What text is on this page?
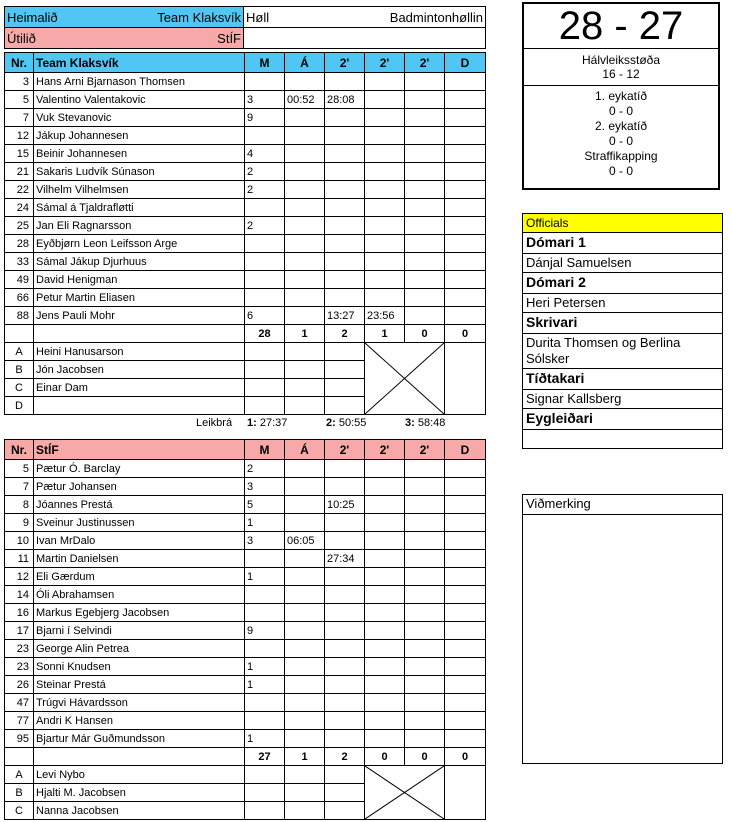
Heimalið Team Klaksvík	Høll Badmintonhøllin

Útilið StÍF	

Nr.	Team Klaksvík	M	Á	2'	2'	2'	D
3	Hans Arni Bjarnason Thomsen						
5	Valentino Valentakovic	3	00:52	28:08			
7	Vuk Stevanovic	9					
12	Jákup Johannesen						
15	Beinir Johannesen	4					
21	Sakaris Ludvík Súnason	2					
22	Vilhelm Vilhelmsen	2					
24	Sámal á Tjaldrafløtti						
25	Jan Eli Ragnarsson	2					
28	Eyðbjørn Leon Leifsson Arge						
33	Sámal Jákup Djurhuus						
49	David Henigman						
66	Petur Martin Eliasen						
88	Jens Pauli Mohr	6		13:27	23:56		
		28	1	2	1	0	0
A	Heini Hanusarson				

B	Jón Jacobsen						
C	Einar Dam						
D							
Leikbrá 1: 27:37	2: 50:55	3: 58:48
Nr.	StÍF	M	Á	2'	2'	2'	D
5	Pætur Ó. Barclay	2					
7	Pætur Johansen	3					
8	Jóannes Prestá	5		10:25			
9	Sveinur Justinussen	1					
10	Ivan MrDalo	3	06:05				
11	Martin Danielsen			27:34			
12	Eli Gærdum	1					
14	Óli Abrahamsen						
16	Markus Egebjerg Jacobsen						
17	Bjarni í Selvindi	9					
23	George Alin Petrea						
23	Sonni Knudsen	1					
26	Steinar Prestá	1					
47	Trúgvi Hávardsson						
77	Andri K Hansen						
95	Bjartur Már Guðmundsson	1					
		27	1	2	0	0	0
A	Levi Nybo				

B	Hjalti M. Jacobsen						
C	Nanna Jacobsen						
28 - 27
Hálvleiksstøða
16 - 12
1. eykatíð
0 - 0
2. eykatíð
0 - 0
Straffikapping
0 - 0
Officials
Dómari 1
Dánjal Samuelsen
Dómari 2
Heri Petersen
Skrivari
Durita Thomsen og Berlina Sólsker
Tíðtakari
Signar Kallsberg
Eygleiðari
Viðmerking
